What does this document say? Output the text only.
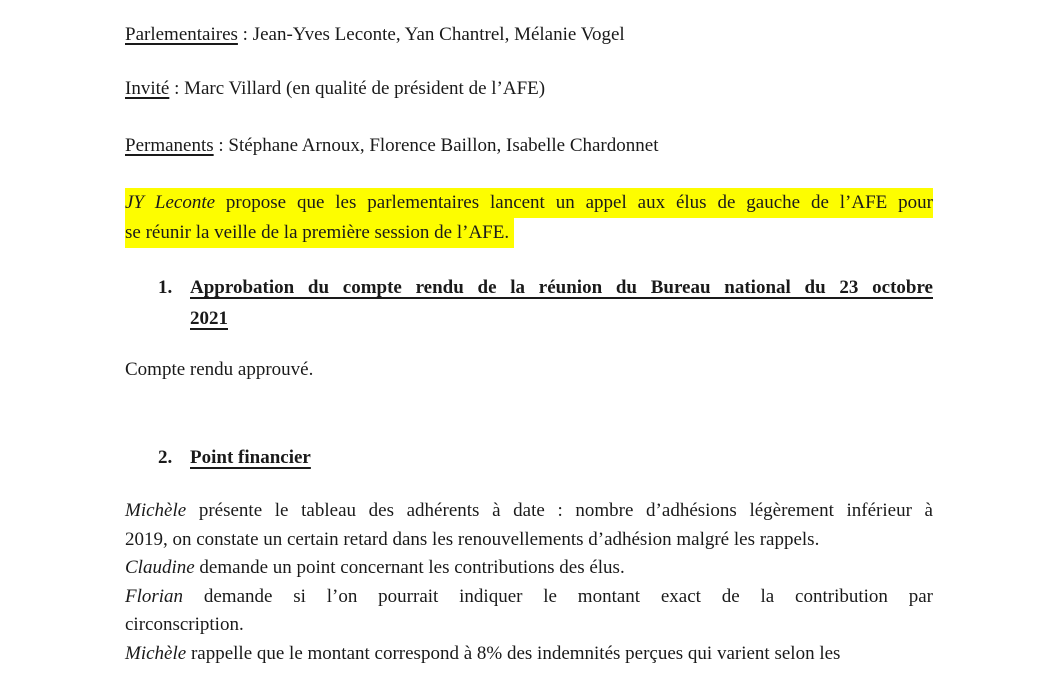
Parlementaires : Jean-Yves Leconte, Yan Chantrel, Mélanie Vogel
Invité : Marc Villard (en qualité de président de l’AFE)
Permanents : Stéphane Arnoux, Florence Baillon, Isabelle Chardonnet
JY Leconte propose que les parlementaires lancent un appel aux élus de gauche de l’AFE pour
se réunir la veille de la première session de l’AFE.
1. Approbation du compte rendu de la réunion du Bureau national du 23 octobre
2021
Compte rendu approuvé.
2. Point financier
Michèle présente le tableau des adhérents à date : nombre d’adhésions légèrement inférieur à
2019, on constate un certain retard dans les renouvellements d’adhésion malgré les rappels.
Claudine demande un point concernant les contributions des élus.
Florian demande si l’on pourrait indiquer le montant exact de la contribution par
circonscription.
Michèle rappelle que le montant correspond à 8% des indemnités perçues qui varient selon les
